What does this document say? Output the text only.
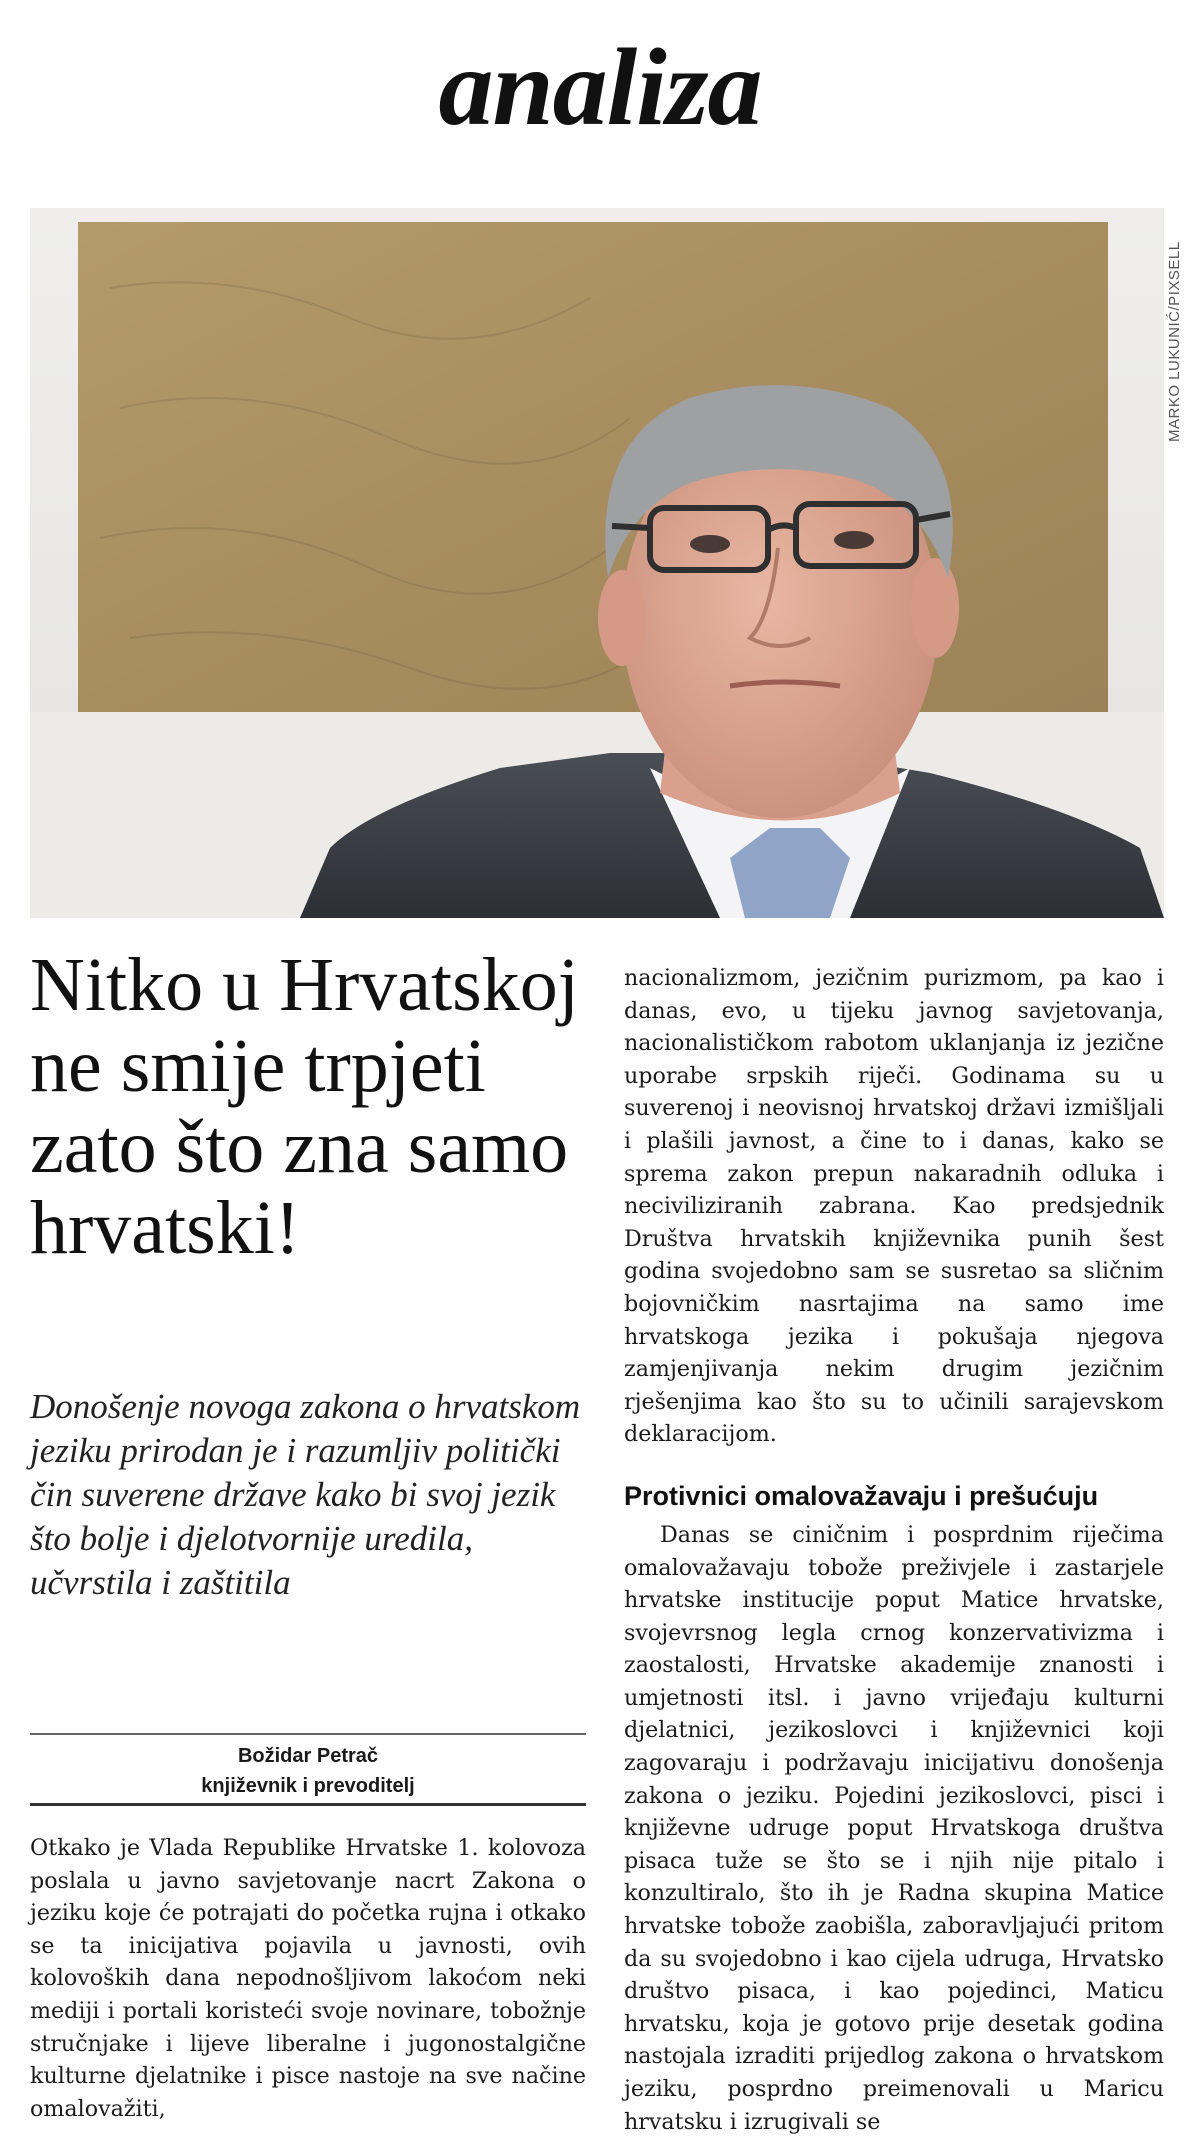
analiza
MARKO LUKUNIĆ/PIXSELL
Nitko u Hrvatskoj ne smije trpjeti zato što zna samo hrvatski!

Donošenje novoga zakona o hrvatskom jeziku prirodan je i razumljiv politički čin suverene države kako bi svoj jezik što bolje i djelotvornije uredila, učvrstila i zaštitila

Božidar Petrač
književnik i prevoditelj

Otkako je Vlada Republike Hrvatske 1. kolovoza poslala u javno savjetovanje nacrt Zakona o jeziku koje će potrajati do početka rujna i otkako se ta inicijativa pojavila u javnosti, ovih kolovoških dana nepodnošljivom lakoćom neki mediji i portali koristeći svoje novinare, tobožnje stručnjake i lijeve liberalne i jugonostalgične kulturne djelatnike i pisce nastoje na sve načine omalovažiti,

nacionalizmom, jezičnim purizmom, pa kao i danas, evo, u tijeku javnog savjetovanja, nacionalističkom rabotom uklanjanja iz jezične uporabe srpskih riječi. Godinama su u suverenoj i neovisnoj hrvatskoj državi izmišljali i plašili javnost, a čine to i danas, kako se sprema zakon prepun nakaradnih odluka i neciviliziranih zabrana. Kao predsjednik Društva hrvatskih književnika punih šest godina svojedobno sam se susretao sa sličnim bojovničkim nasrtajima na samo ime hrvatskoga jezika i pokušaja njegova zamjenjivanja nekim drugim jezičnim rješenjima kao što su to učinili sarajevskom deklaracijom.

Protivnici omalovažavaju i prešućuju

Danas se ciničnim i posprdnim riječima omalovažavaju tobože preživjele i zastarjele hrvatske institucije poput Matice hrvatske, svojevrsnog legla crnog konzervativizma i zaostalosti, Hrvatske akademije znanosti i umjetnosti itsl. i javno vrijeđaju kulturni djelatnici, jezikoslovci i književnici koji zagovaraju i podržavaju inicijativu donošenja zakona o jeziku. Pojedini jezikoslovci, pisci i književne udruge poput Hrvatskoga društva pisaca tuže se što se i njih nije pitalo i konzultiralo, što ih je Radna skupina Matice hrvatske tobože zaobišla, zaboravljajući pritom da su svojedobno i kao cijela udruga, Hrvatsko društvo pisaca, i kao pojedinci, Maticu hrvatsku, koja je gotovo prije desetak godina nastojala izraditi prijedlog zakona o hrvatskom jeziku, posprdno preimenovali u Maricu hrvatsku i izrugivali se
